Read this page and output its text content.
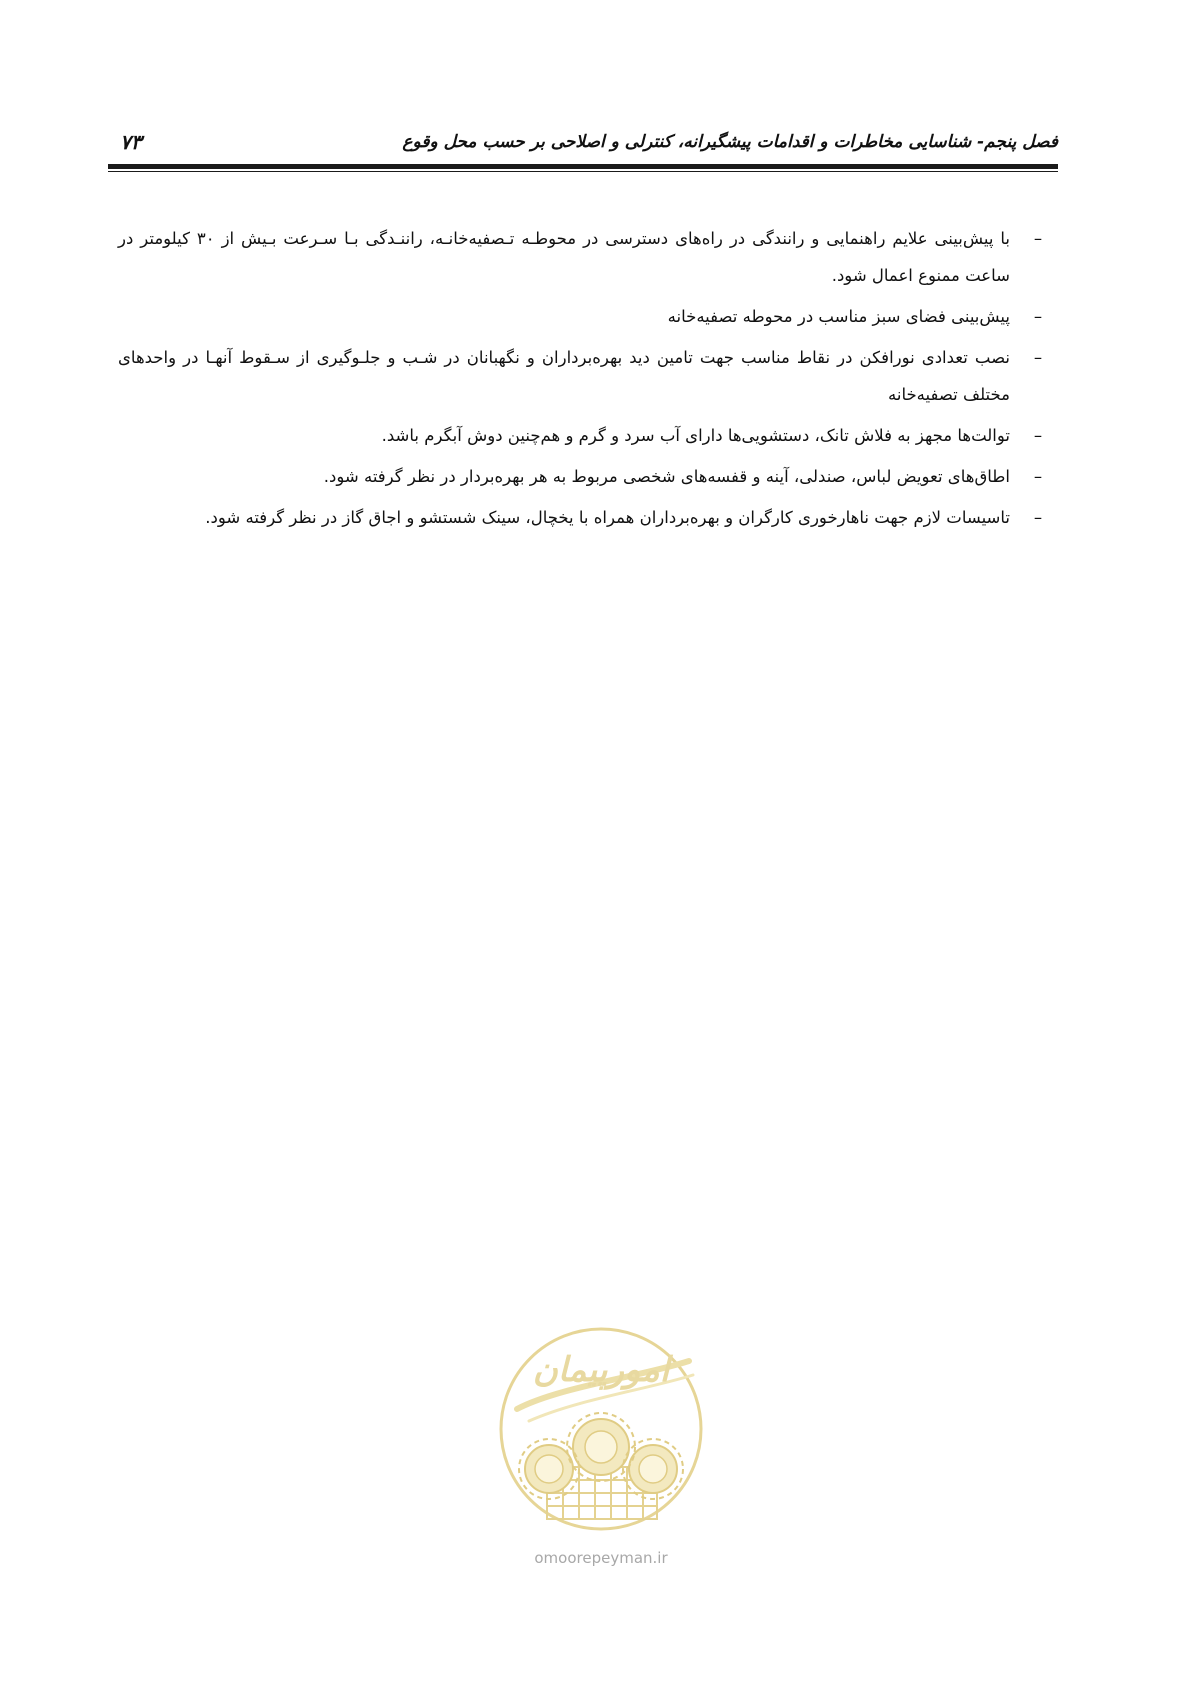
فصل پنجم- شناسایی مخاطرات و اقدامات پیشگیرانه، کنترلی و اصلاحی بر حسب محل وقوع
۷۳
–
با پیش‌بینی علایم راهنمایی و رانندگی در راه‌های دسترسی در محوطـه تـصفیه‌خانـه، راننـدگی بـا سـرعت بـیش از ۳۰ کیلومتر در ساعت ممنوع اعمال شود.
–
پیش‌بینی فضای سبز مناسب در محوطه تصفیه‌خانه
–
نصب تعدادی نورافکن در نقاط مناسب جهت تامین دید بهره‌برداران و نگهبانان در شـب و جلـوگیری از سـقوط آنهـا در واحدهای مختلف تصفیه‌خانه
–
توالت‌ها مجهز به فلاش تانک، دستشویی‌ها دارای آب سرد و گرم و هم‌چنین دوش آبگرم باشد.
–
اطاق‌های تعویض لباس، صندلی، آینه و قفسه‌های شخصی مربوط به هر بهره‌بردار در نظر گرفته شود.
–
تاسیسات لازم جهت ناهارخوری کارگران و بهره‌برداران همراه با یخچال، سینک شستشو و اجاق گاز در نظر گرفته شود.
امورپیمان
omoorepeyman.ir
